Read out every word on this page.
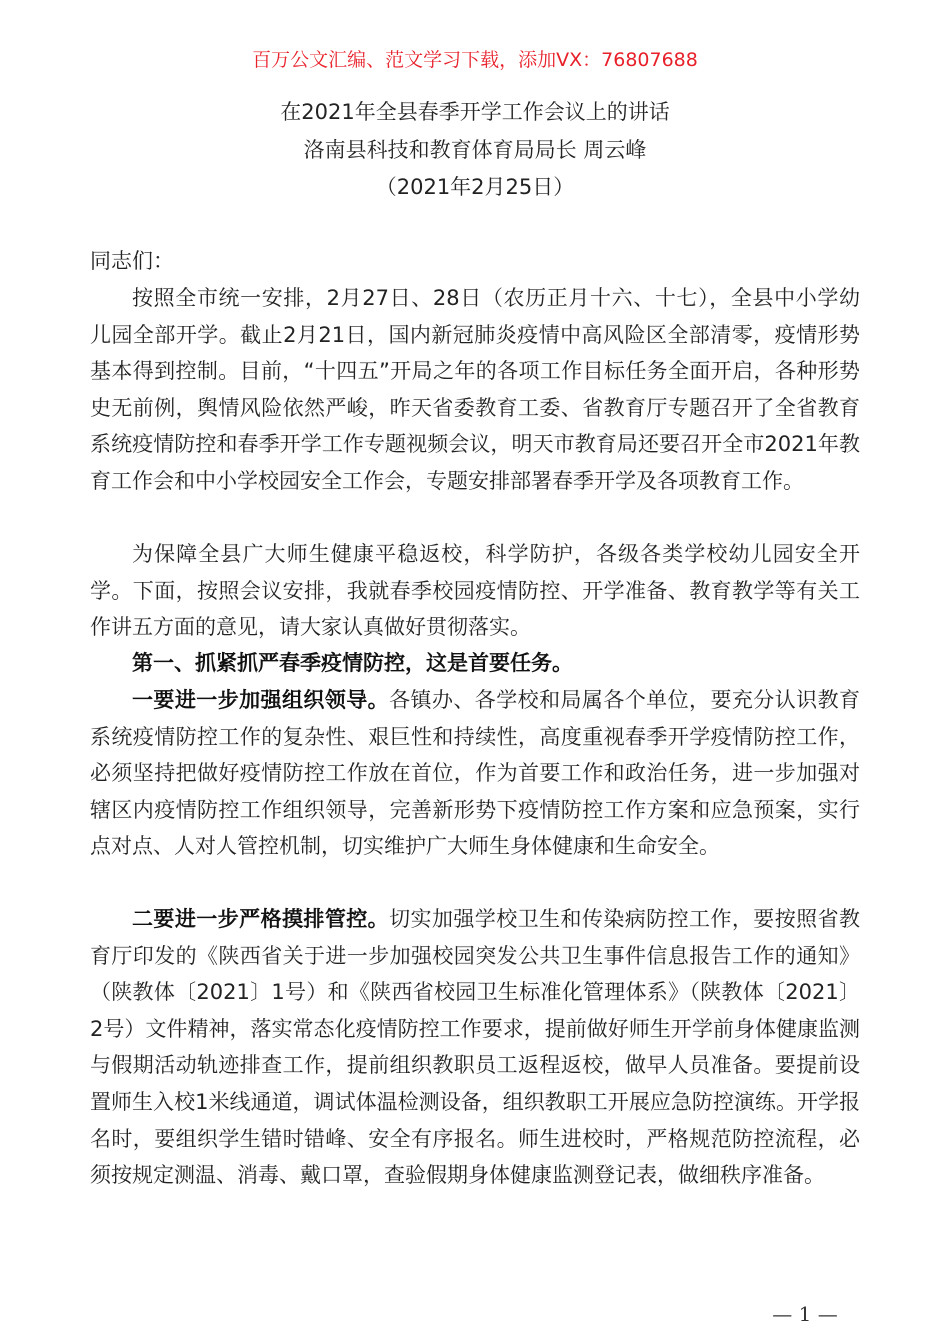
百万公文汇编、范文学习下载，添加VX：76807688
在2021年全县春季开学工作会议上的讲话
洛南县科技和教育体育局局长 周云峰
（2021年2月25日）
同志们：

按照全市统一安排，2月27日、28日（农历正月十六、十七），全县中小学幼儿园全部开学。截止2月21日，国内新冠肺炎疫情中高风险区全部清零，疫情形势基本得到控制。目前，“十四五”开局之年的各项工作目标任务全面开启，各种形势史无前例，舆情风险依然严峻，昨天省委教育工委、省教育厅专题召开了全省教育系统疫情防控和春季开学工作专题视频会议，明天市教育局还要召开全市2021年教育工作会和中小学校园安全工作会，专题安排部署春季开学及各项教育工作。

为保障全县广大师生健康平稳返校，科学防护，各级各类学校幼儿园安全开学。下面，按照会议安排，我就春季校园疫情防控、开学准备、教育教学等有关工作讲五方面的意见，请大家认真做好贯彻落实。

第一、抓紧抓严春季疫情防控，这是首要任务。

一要进一步加强组织领导。各镇办、各学校和局属各个单位，要充分认识教育系统疫情防控工作的复杂性、艰巨性和持续性，高度重视春季开学疫情防控工作，必须坚持把做好疫情防控工作放在首位，作为首要工作和政治任务，进一步加强对辖区内疫情防控工作组织领导，完善新形势下疫情防控工作方案和应急预案，实行点对点、人对人管控机制，切实维护广大师生身体健康和生命安全。

二要进一步严格摸排管控。切实加强学校卫生和传染病防控工作，要按照省教育厅印发的《陕西省关于进一步加强校园突发公共卫生事件信息报告工作的通知》（陕教体〔2021〕1号）和《陕西省校园卫生标准化管理体系》（陕教体〔2021〕2号）文件精神，落实常态化疫情防控工作要求，提前做好师生开学前身体健康监测与假期活动轨迹排查工作，提前组织教职员工返程返校，做早人员准备。要提前设置师生入校1米线通道，调试体温检测设备，组织教职工开展应急防控演练。开学报名时，要组织学生错时错峰、安全有序报名。师生进校时，严格规范防控流程，必须按规定测温、消毒、戴口罩，查验假期身体健康监测登记表，做细秩序准备。

— 1 —
